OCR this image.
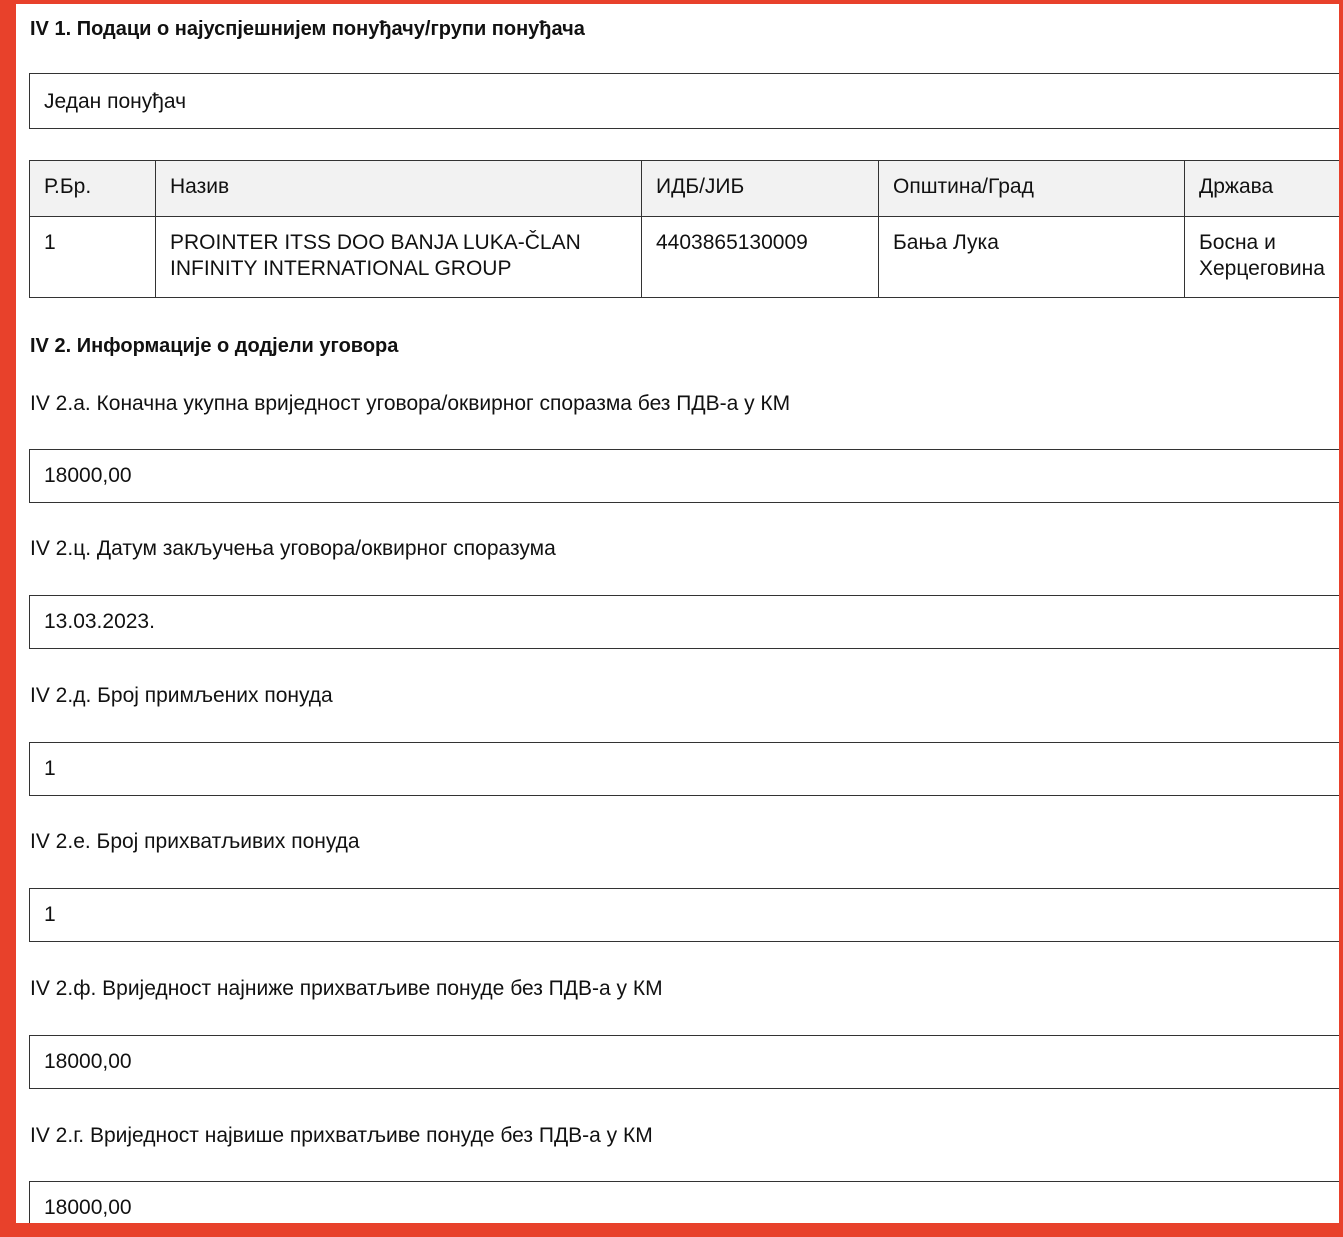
IV 1. Подаци о најуспјешнијем понуђачу/групи понуђача
Један понуђач
Р.Бр.	Назив	ИДБ/ЈИБ	Општина/Град	Држава
1	PROINTER ITSS DOO BANJA LUKA-ČLAN INFINITY INTERNATIONAL GROUP	4403865130009	Бања Лука	Босна и Херцеговина
IV 2. Информације о додјели уговора
IV 2.а. Коначна укупна вриједност уговора/оквирног споразма без ПДВ-а у КМ
18000,00
IV 2.ц. Датум закључења уговора/оквирног споразума
13.03.2023.
IV 2.д. Број примљених понуда
1
IV 2.е. Број прихватљивих понуда
1
IV 2.ф. Вриједност најниже прихватљиве понуде без ПДВ-а у КМ
18000,00
IV 2.г. Вриједност највише прихватљиве понуде без ПДВ-а у КМ
18000,00
